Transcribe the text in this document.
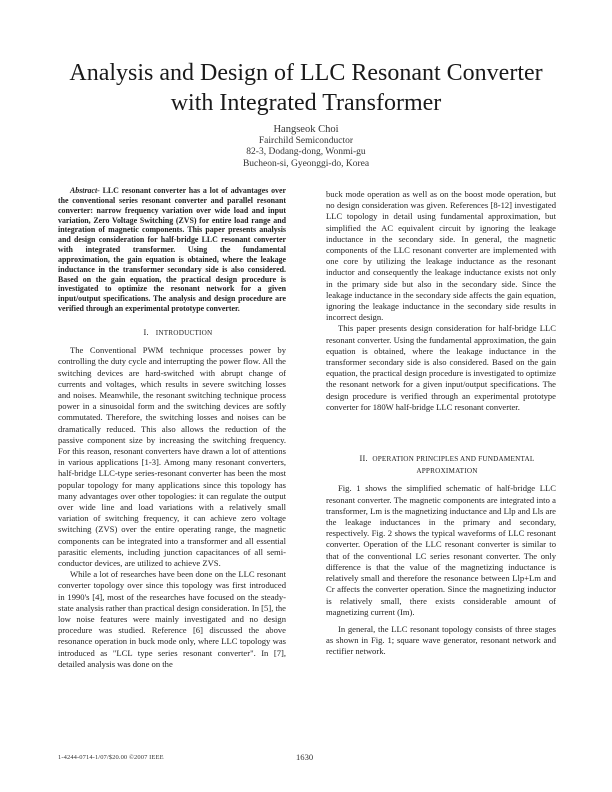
Analysis and Design of LLC Resonant Converter
with Integrated Transformer
Hangseok Choi
Fairchild Semiconductor
82-3, Dodang-dong, Wonmi-gu
Bucheon-si, Gyeonggi-do, Korea

Abstract- LLC resonant converter has a lot of advantages over the conventional series resonant converter and parallel resonant converter: narrow frequency variation over wide load and input variation, Zero Voltage Switching (ZVS) for entire load range and integration of magnetic components. This paper presents analysis and design consideration for half-bridge LLC resonant converter with integrated transformer. Using the fundamental approximation, the gain equation is obtained, where the leakage inductance in the transformer secondary side is also considered. Based on the gain equation, the practical design procedure is investigated to optimize the resonant network for a given input/output specifications. The analysis and design procedure are verified through an experimental prototype converter.

I. INTRODUCTION

The Conventional PWM technique processes power by controlling the duty cycle and interrupting the power flow. All the switching devices are hard-switched with abrupt change of currents and voltages, which results in severe switching losses and noises. Meanwhile, the resonant switching technique process power in a sinusoidal form and the switching devices are softly commutated. Therefore, the switching losses and noises can be dramatically reduced. This also allows the reduction of the passive component size by increasing the switching frequency. For this reason, resonant converters have drawn a lot of attentions in various applications [1-3]. Among many resonant converters, half-bridge LLC-type series-resonant converter has been the most popular topology for many applications since this topology has many advantages over other topologies: it can regulate the output over wide line and load variations with a relatively small variation of switching frequency, it can achieve zero voltage switching (ZVS) over the entire operating range, the magnetic components can be integrated into a transformer and all essential parasitic elements, including junction capacitances of all semi-conductor devices, are utilized to achieve ZVS.

While a lot of researches have been done on the LLC resonant converter topology over since this topology was first introduced in 1990's [4], most of the researches have focused on the steady-state analysis rather than practical design consideration. In [5], the low noise features were mainly investigated and no design procedure was studied. Reference [6] discussed the above resonance operation in buck mode only, where LLC topology was introduced as "LCL type series resonant converter". In [7], detailed analysis was done on the

buck mode operation as well as on the boost mode operation, but no design consideration was given. References [8-12] investigated LLC topology in detail using fundamental approximation, but simplified the AC equivalent circuit by ignoring the leakage inductance in the secondary side. In general, the magnetic components of the LLC resonant converter are implemented with one core by utilizing the leakage inductance as the resonant inductor and consequently the leakage inductance exists not only in the primary side but also in the secondary side. Since the leakage inductance in the secondary side affects the gain equation, ignoring the leakage inductance in the secondary side results in incorrect design.

This paper presents design consideration for half-bridge LLC resonant converter. Using the fundamental approximation, the gain equation is obtained, where the leakage inductance in the transformer secondary side is also considered. Based on the gain equation, the practical design procedure is investigated to optimize the resonant network for a given input/output specifications. The design procedure is verified through an experimental prototype converter for 180W half-bridge LLC resonant converter.

II. OPERATION PRINCIPLES AND FUNDAMENTAL

APPROXIMATION

Fig. 1 shows the simplified schematic of half-bridge LLC resonant converter. The magnetic components are integrated into a transformer, Lm is the magnetizing inductance and Llp and Lls are the leakage inductances in the primary and secondary, respectively. Fig. 2 shows the typical waveforms of LLC resonant converter. Operation of the LLC resonant converter is similar to that of the conventional LC series resonant converter. The only difference is that the value of the magnetizing inductance is relatively small and therefore the resonance between Llp+Lm and Cr affects the converter operation. Since the magnetizing inductor is relatively small, there exists considerable amount of magnetizing current (Im).

In general, the LLC resonant topology consists of three stages as shown in Fig. 1; square wave generator, resonant network and rectifier network.

1-4244-0714-1/07/$20.00 ©2007 IEEE	1630
